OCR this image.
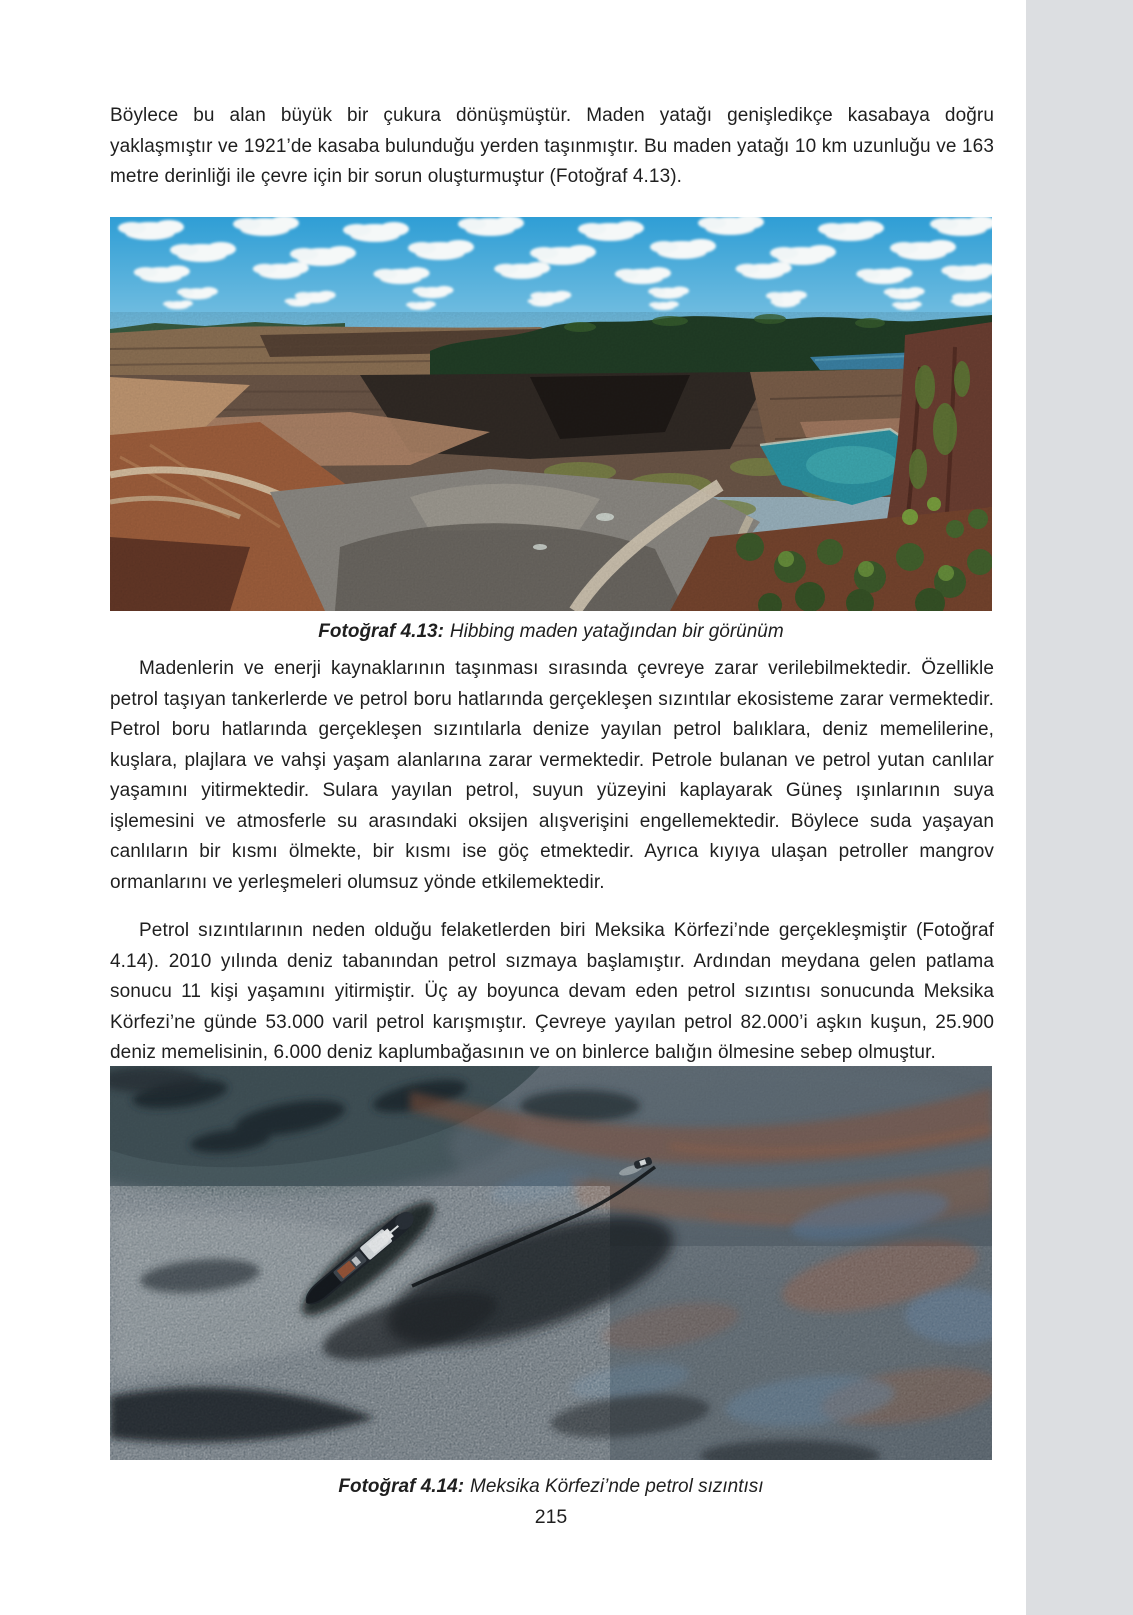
Böylece bu alan büyük bir çukura dönüşmüştür. Maden yatağı genişledikçe kasabaya doğru yaklaşmıştır ve 1921’de kasaba bulunduğu yerden taşınmıştır. Bu maden yatağı 10 km uzunluğu ve 163 metre derinliği ile çevre için bir sorun oluşturmuştur (Fotoğraf 4.13).

Fotoğraf 4.13: Hibbing maden yatağından bir görünüm

Madenlerin ve enerji kaynaklarının taşınması sırasında çevreye zarar verilebilmektedir. Özellikle petrol taşıyan tankerlerde ve petrol boru hatlarında gerçekleşen sızıntılar ekosisteme zarar vermektedir. Petrol boru hatlarında gerçekleşen sızıntılarla denize yayılan petrol balıklara, deniz memelilerine, kuşlara, plajlara ve vahşi yaşam alanlarına zarar vermektedir. Petrole bulanan ve petrol yutan canlılar yaşamını yitirmektedir. Sulara yayılan petrol, suyun yüzeyini kaplayarak Güneş ışınlarının suya işlemesini ve atmosferle su arasındaki oksijen alışverişini engellemektedir. Böylece suda yaşayan canlıların bir kısmı ölmekte, bir kısmı ise göç etmektedir. Ayrıca kıyıya ulaşan petroller mangrov ormanlarını ve yerleşmeleri olumsuz yönde etkilemektedir.

Petrol sızıntılarının neden olduğu felaketlerden biri Meksika Körfezi’nde gerçekleşmiştir (Fotoğraf 4.14). 2010 yılında deniz tabanından petrol sızmaya başlamıştır. Ardından meydana gelen patlama sonucu 11 kişi yaşamını yitirmiştir. Üç ay boyunca devam eden petrol sızıntısı sonucunda Meksika Körfezi’ne günde 53.000 varil petrol karışmıştır. Çevreye yayılan petrol 82.000’i aşkın kuşun, 25.900 deniz memelisinin, 6.000 deniz kaplumbağasının ve on binlerce balığın ölmesine sebep olmuştur.

Fotoğraf 4.14: Meksika Körfezi’nde petrol sızıntısı
215
